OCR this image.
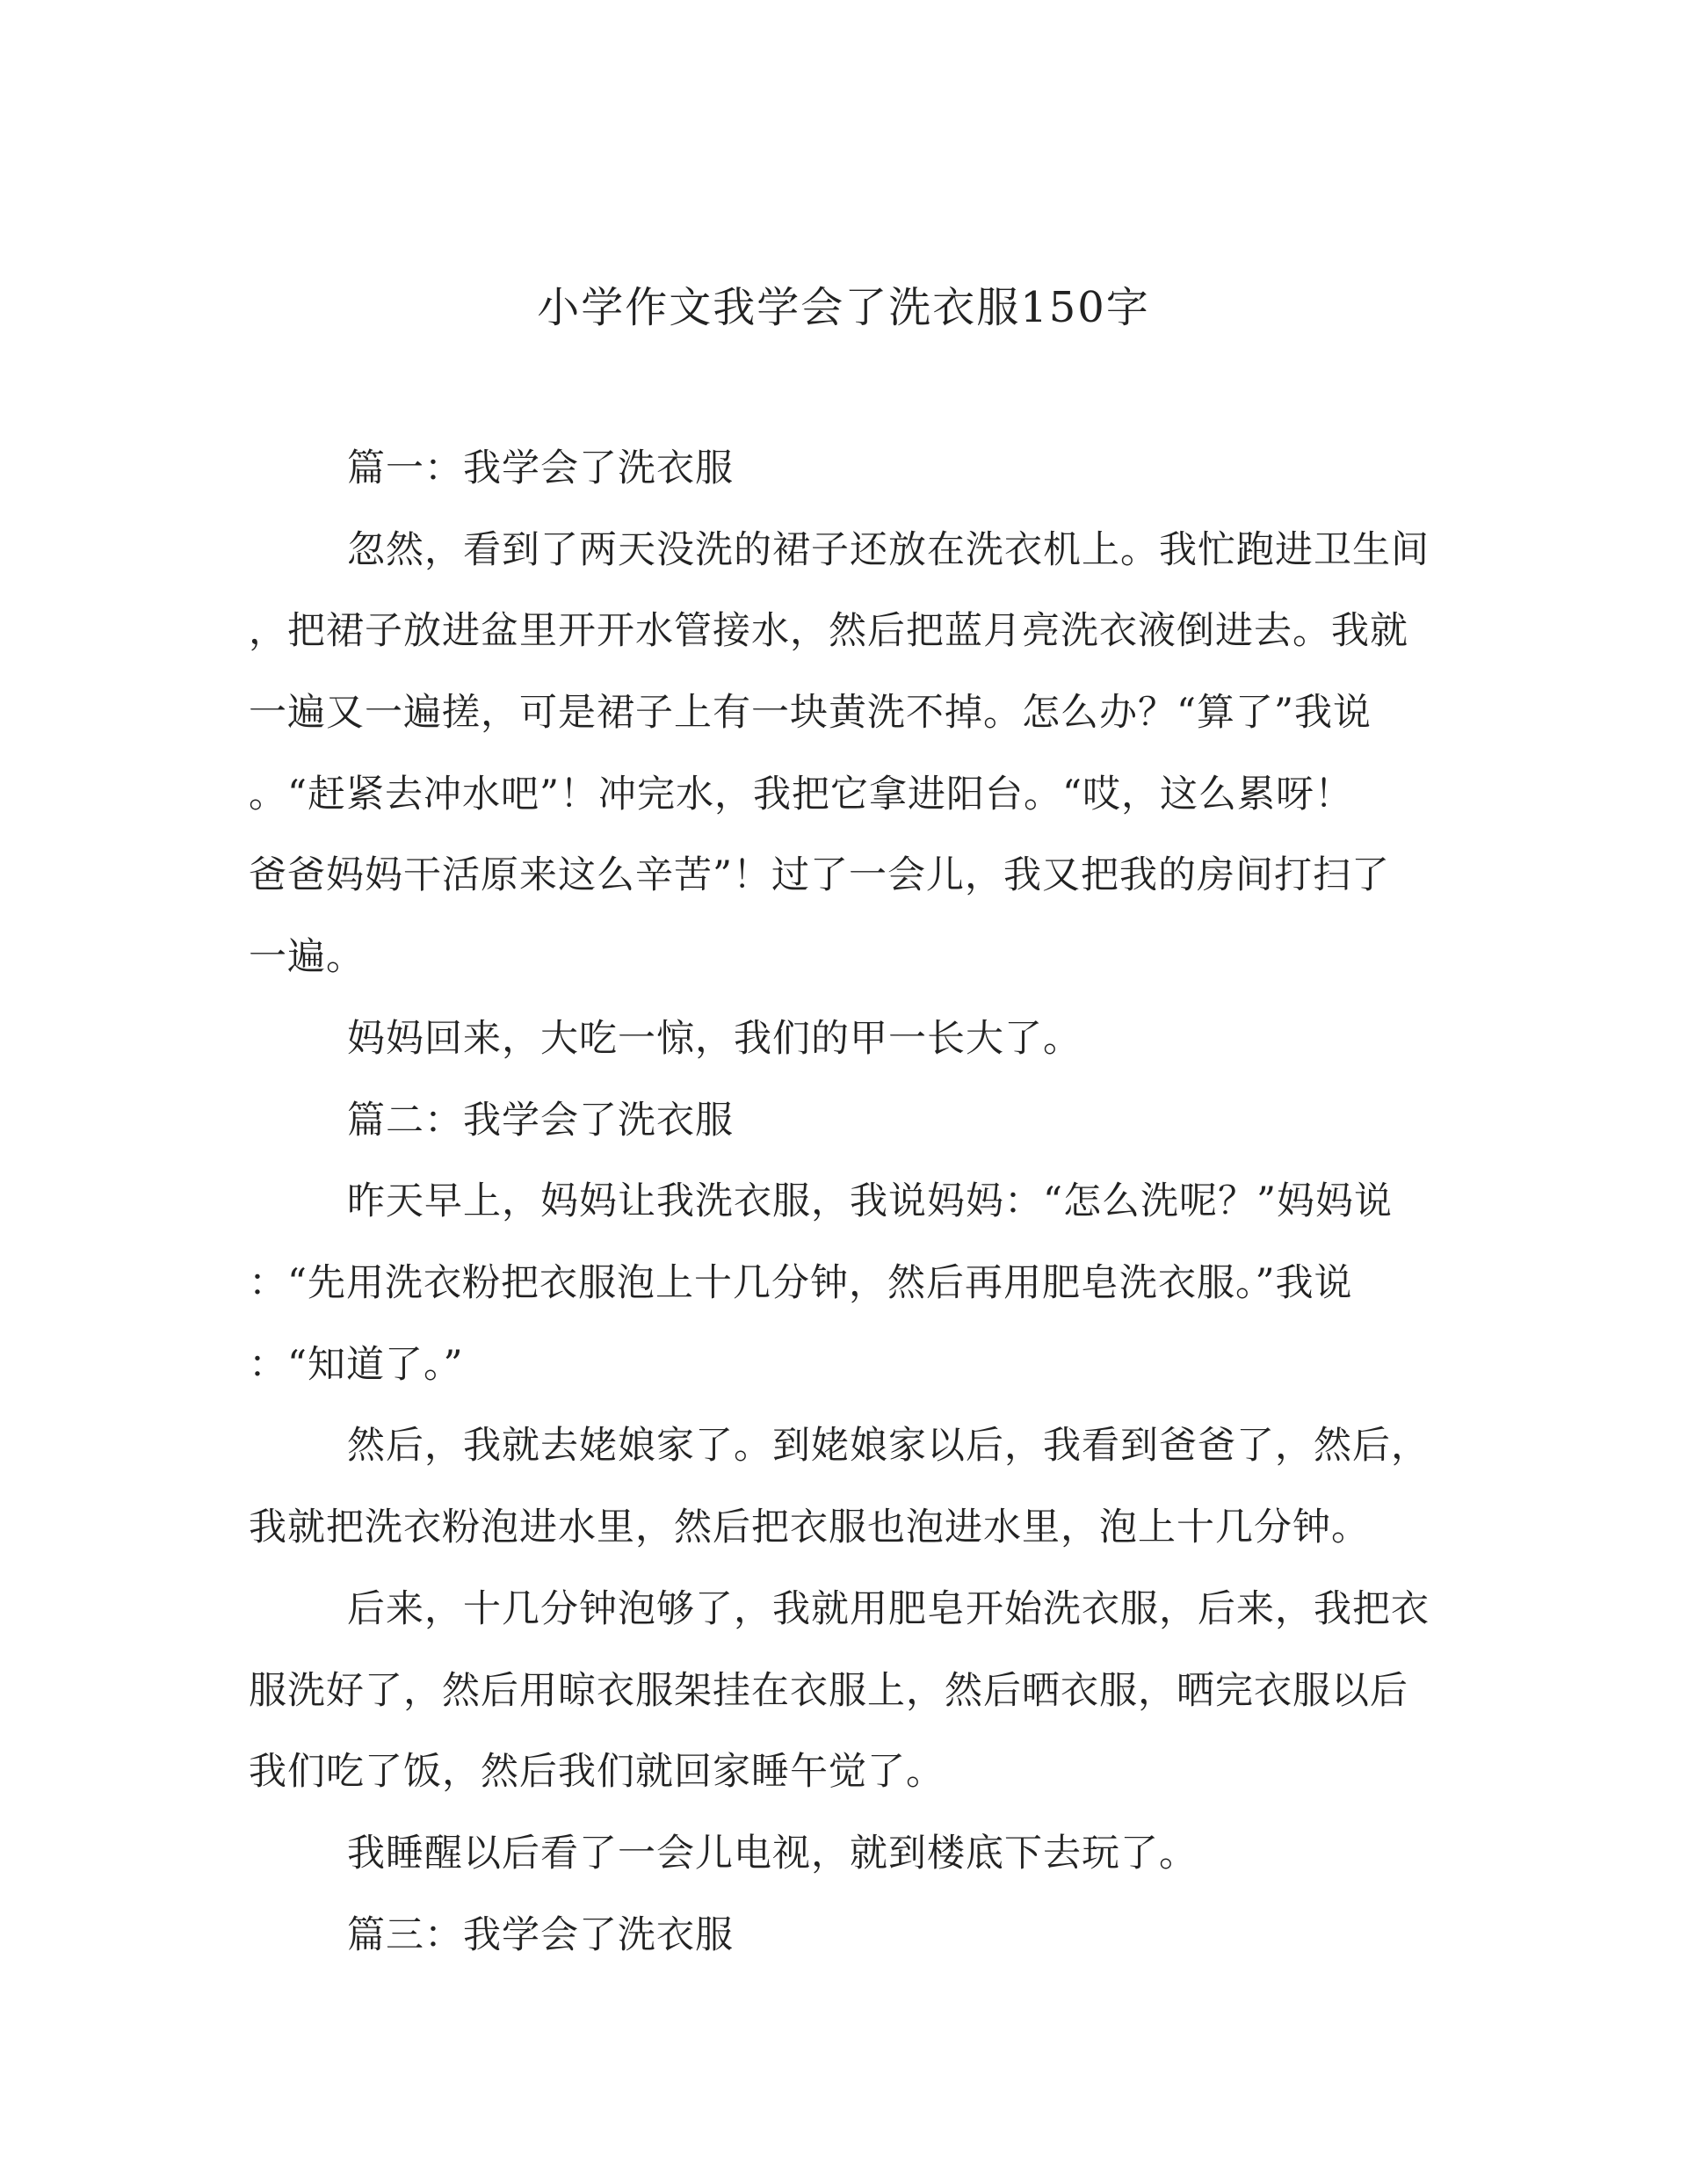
小学作文我学会了洗衣服150字
篇一：我学会了洗衣服
忽然，看到了两天没洗的裙子还放在洗衣机上。我忙跑进卫生间
，把裙子放进盆里开开水管接水，然后把蓝月亮洗衣液倒进去。我就
一遍又一遍搓，可是裙子上有一块黄洗不掉。怎么办？“算了”我说
。“赶紧去冲水吧”！冲完水，我把它拿进阳台。“哎，这么累呀！
爸爸妈妈干活原来这么辛苦”！过了一会儿，我又把我的房间打扫了
一遍。
妈妈回来，大吃一惊，我们的甲一长大了。
篇二：我学会了洗衣服
昨天早上，妈妈让我洗衣服，我说妈妈：“怎么洗呢？”妈妈说
：“先用洗衣粉把衣服泡上十几分钟，然后再用肥皂洗衣服。”我说
：“知道了。”
然后，我就去姥娘家了。到姥娘家以后，我看到爸爸了，然后，
我就把洗衣粉泡进水里，然后把衣服也泡进水里，泡上十几分钟。
后来，十几分钟泡够了，我就用肥皂开始洗衣服，后来，我把衣
服洗好了，然后用晾衣服架挂在衣服上，然后晒衣服，晒完衣服以后
我们吃了饭，然后我们就回家睡午觉了。
我睡醒以后看了一会儿电视，就到楼底下去玩了。
篇三：我学会了洗衣服
